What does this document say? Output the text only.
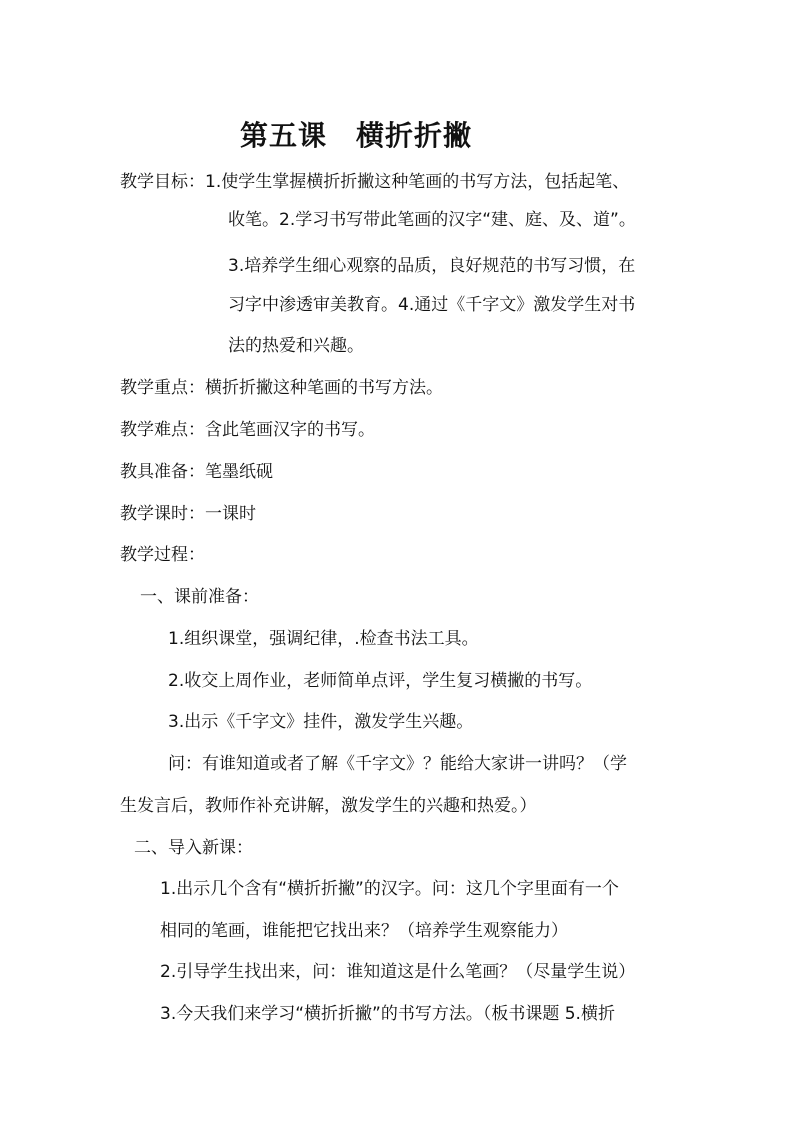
第五课　横折折撇
教学目标：1.使学生掌握横折折撇这种笔画的书写方法，包括起笔、
收笔。2.学习书写带此笔画的汉字“建、庭、及、道”。
3.培养学生细心观察的品质，良好规范的书写习惯，在
习字中渗透审美教育。4.通过《千字文》激发学生对书
法的热爱和兴趣。
教学重点：横折折撇这种笔画的书写方法。
教学难点：含此笔画汉字的书写。
教具准备：笔墨纸砚
教学课时：一课时
教学过程：
一、课前准备：
1.组织课堂，强调纪律，.检查书法工具。
2.收交上周作业，老师简单点评，学生复习横撇的书写。
3.出示《千字文》挂件，激发学生兴趣。
问：有谁知道或者了解《千字文》？能给大家讲一讲吗？（学
生发言后，教师作补充讲解，激发学生的兴趣和热爱。）
二、导入新课：
1.出示几个含有“横折折撇”的汉字。问：这几个字里面有一个
相同的笔画，谁能把它找出来？（培养学生观察能力）
2.引导学生找出来，问：谁知道这是什么笔画？（尽量学生说）
3.今天我们来学习“横折折撇”的书写方法。（板书课题 5.横折
